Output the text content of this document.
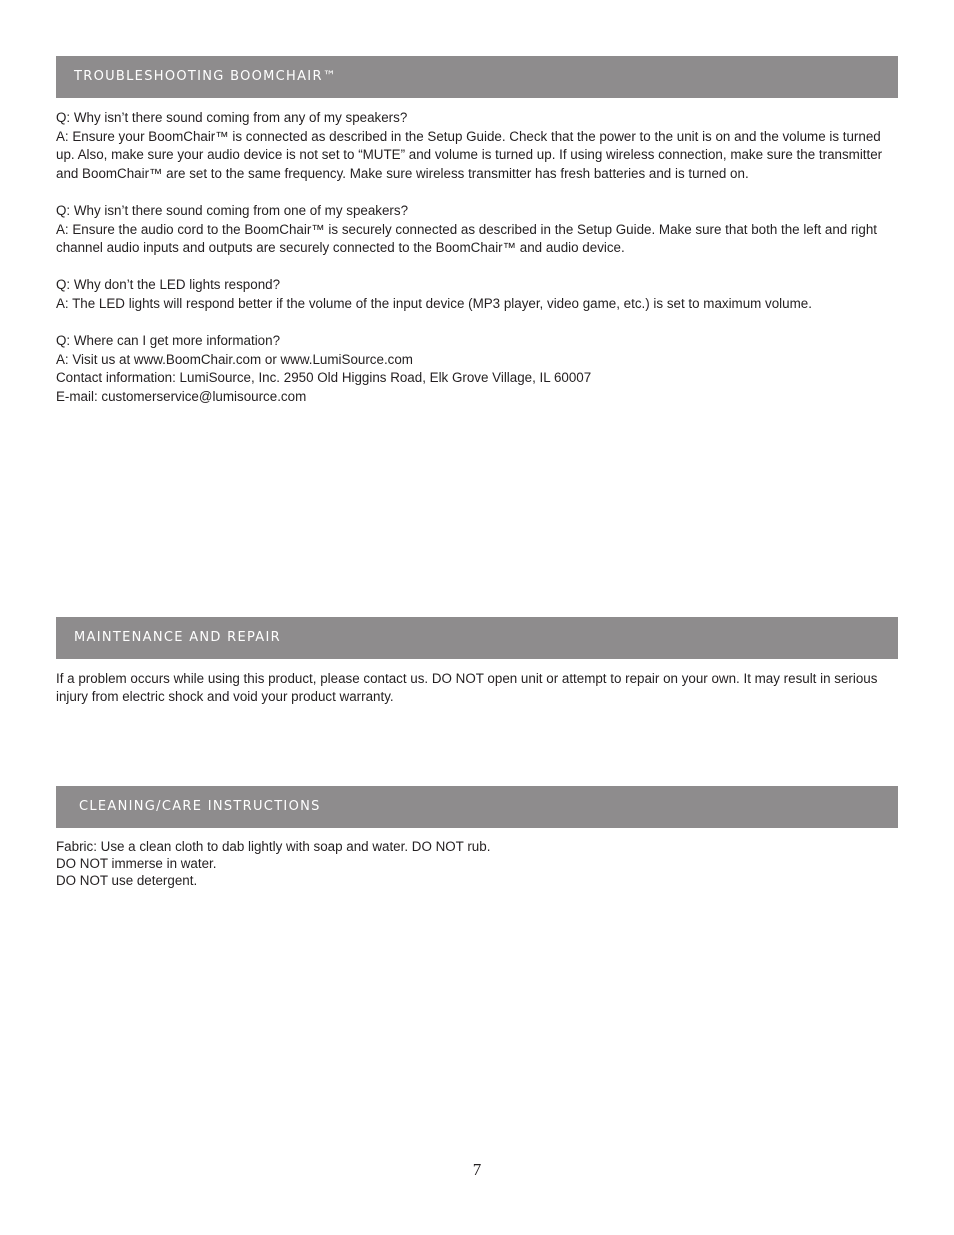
TROUBLESHOOTING BOOMCHAIR™

Q: Why isn’t there sound coming from any of my speakers?

A: Ensure your BoomChair™ is connected as described in the Setup Guide. Check that the power to the unit is on and the volume is turned up. Also, make sure your audio device is not set to “MUTE” and volume is turned up. If using wireless connection, make sure the transmitter and BoomChair™ are set to the same frequency. Make sure wireless transmitter has fresh batteries and is turned on.

Q: Why isn’t there sound coming from one of my speakers?

A: Ensure the audio cord to the BoomChair™ is securely connected as described in the Setup Guide. Make sure that both the left and right channel audio inputs and outputs are securely connected to the BoomChair™ and audio device.

Q: Why don’t the LED lights respond?

A: The LED lights will respond better if the volume of the input device (MP3 player, video game, etc.) is set to maximum volume.

Q: Where can I get more information?

A: Visit us at www.BoomChair.com or www.LumiSource.com

Contact information: LumiSource, Inc. 2950 Old Higgins Road, Elk Grove Village, IL 60007

E-mail: customerservice@lumisource.com

MAINTENANCE AND REPAIR

If a problem occurs while using this product, please contact us. DO NOT open unit or attempt to repair on your own. It may result in serious injury from electric shock and void your product warranty.

CLEANING/CARE INSTRUCTIONS

Fabric: Use a clean cloth to dab lightly with soap and water. DO NOT rub.

DO NOT immerse in water.

DO NOT use detergent.

7
